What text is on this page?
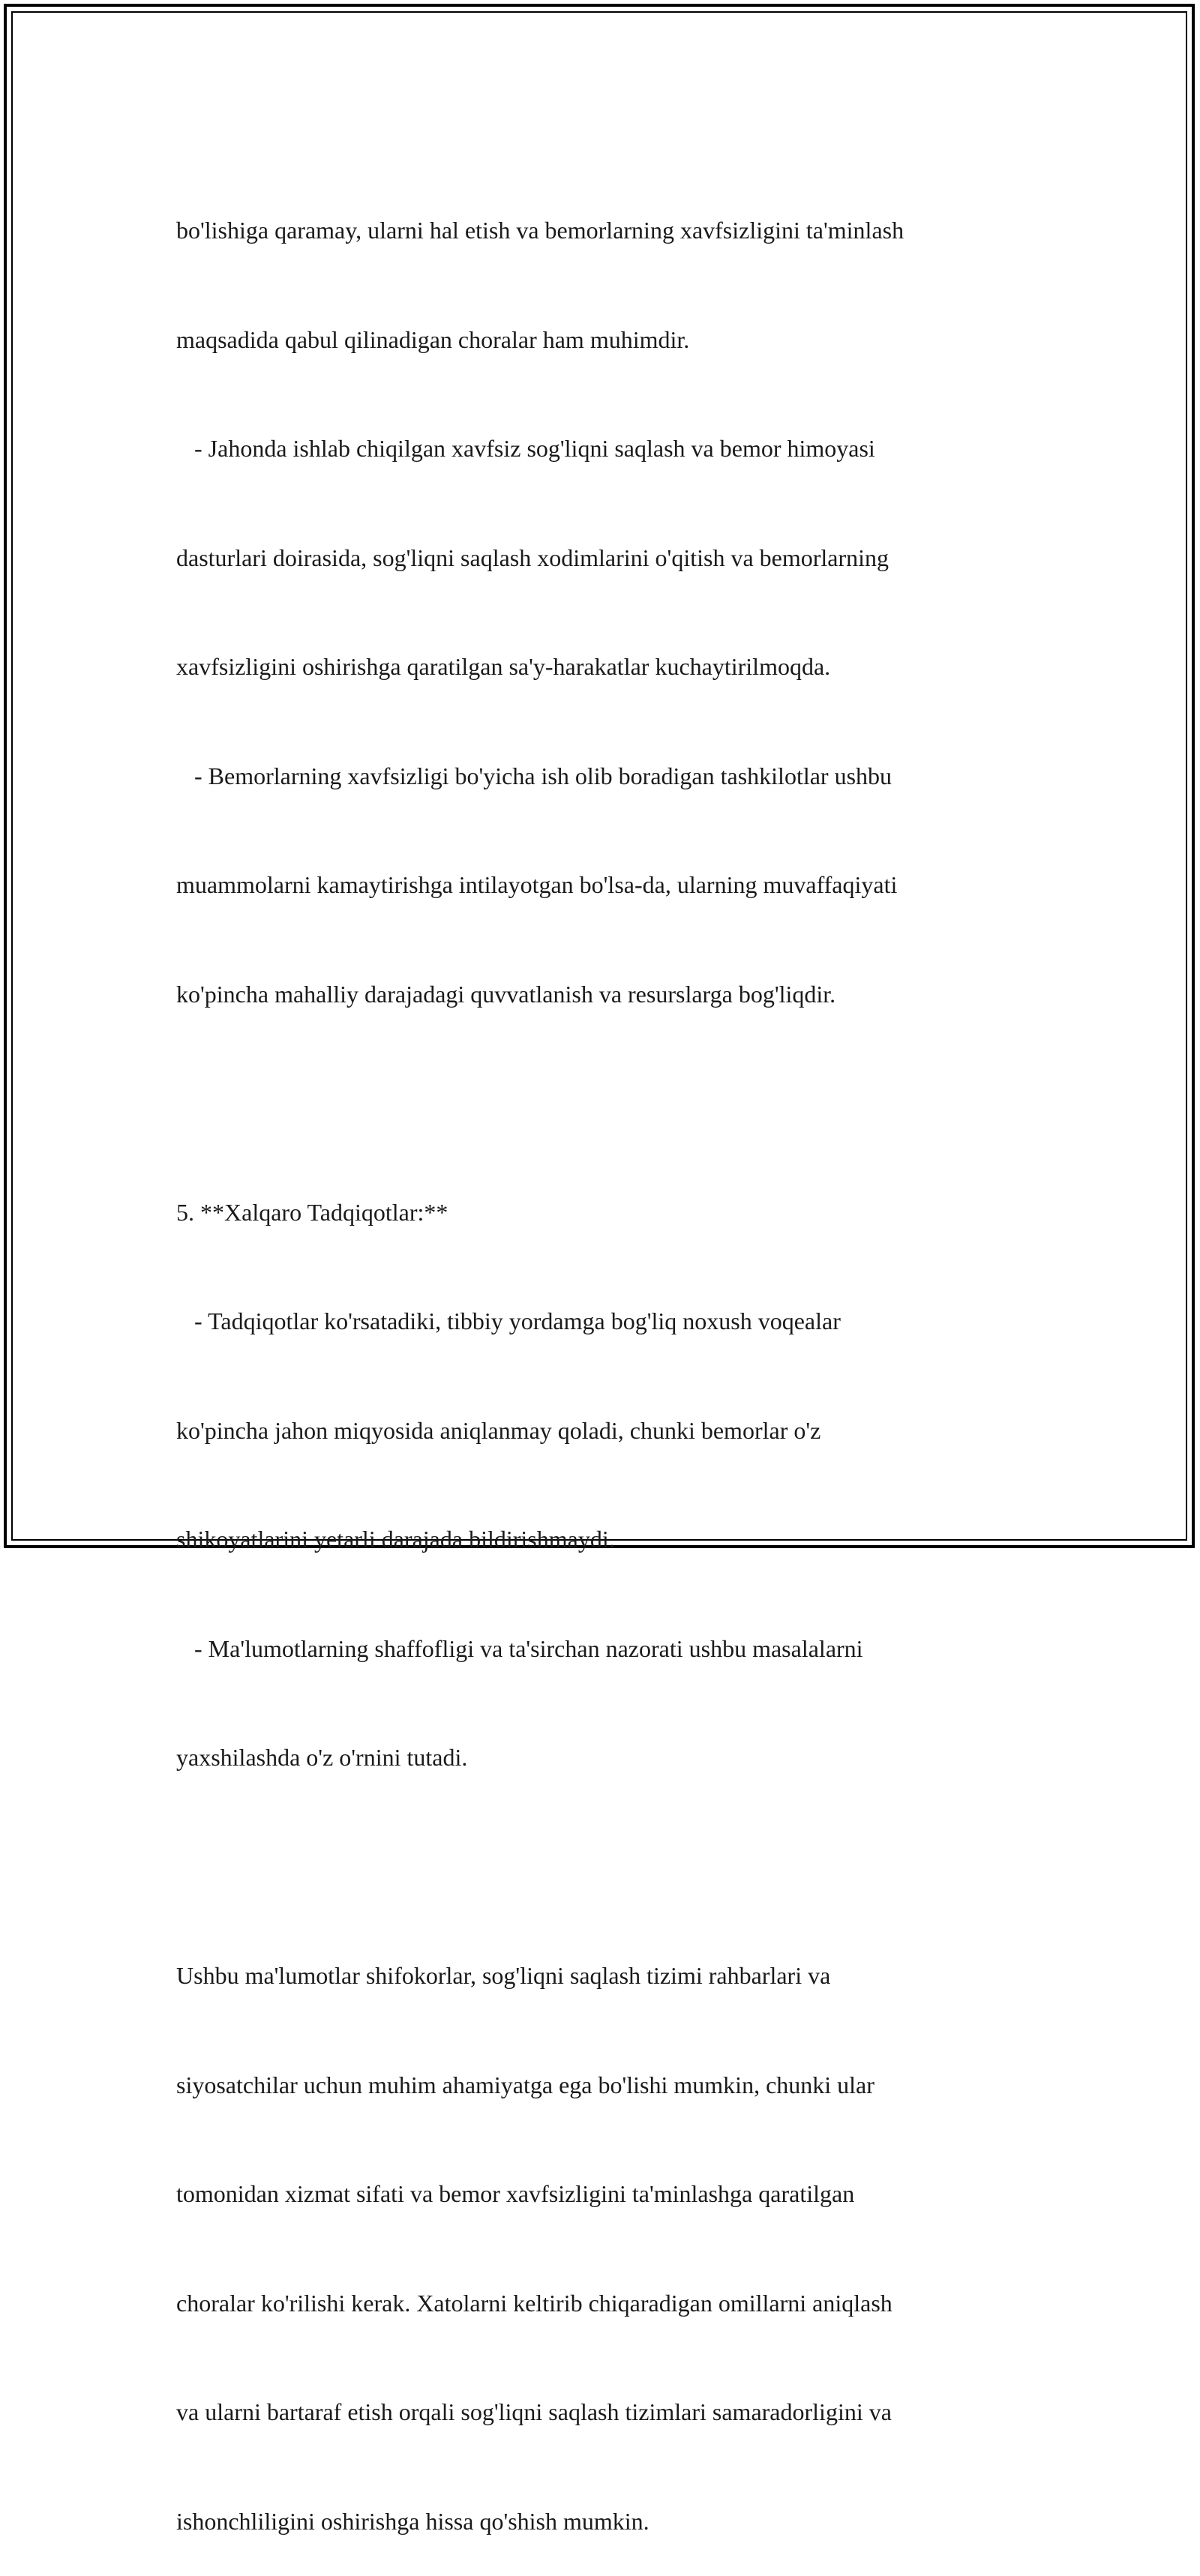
bo'lishiga qaramay, ularni hal etish va bemorlarning xavfsizligini ta'minlash

maqsadida qabul qilinadigan choralar ham muhimdir.

- Jahonda ishlab chiqilgan xavfsiz sog'liqni saqlash va bemor himoyasi

dasturlari doirasida, sog'liqni saqlash xodimlarini o'qitish va bemorlarning

xavfsizligini oshirishga qaratilgan sa'y-harakatlar kuchaytirilmoqda.

- Bemorlarning xavfsizligi bo'yicha ish olib boradigan tashkilotlar ushbu

muammolarni kamaytirishga intilayotgan bo'lsa-da, ularning muvaffaqiyati

ko'pincha mahalliy darajadagi quvvatlanish va resurslarga bog'liqdir.

5. **Xalqaro Tadqiqotlar:**

- Tadqiqotlar ko'rsatadiki, tibbiy yordamga bog'liq noxush voqealar

ko'pincha jahon miqyosida aniqlanmay qoladi, chunki bemorlar o'z

shikoyatlarini yetarli darajada bildirishmaydi.

- Ma'lumotlarning shaffofligi va ta'sirchan nazorati ushbu masalalarni

yaxshilashda o'z o'rnini tutadi.

Ushbu ma'lumotlar shifokorlar, sog'liqni saqlash tizimi rahbarlari va

siyosatchilar uchun muhim ahamiyatga ega bo'lishi mumkin, chunki ular

tomonidan xizmat sifati va bemor xavfsizligini ta'minlashga qaratilgan

choralar ko'rilishi kerak. Xatolarni keltirib chiqaradigan omillarni aniqlash

va ularni bartaraf etish orqali sog'liqni saqlash tizimlari samaradorligini va

ishonchliligini oshirishga hissa qo'shish mumkin.
